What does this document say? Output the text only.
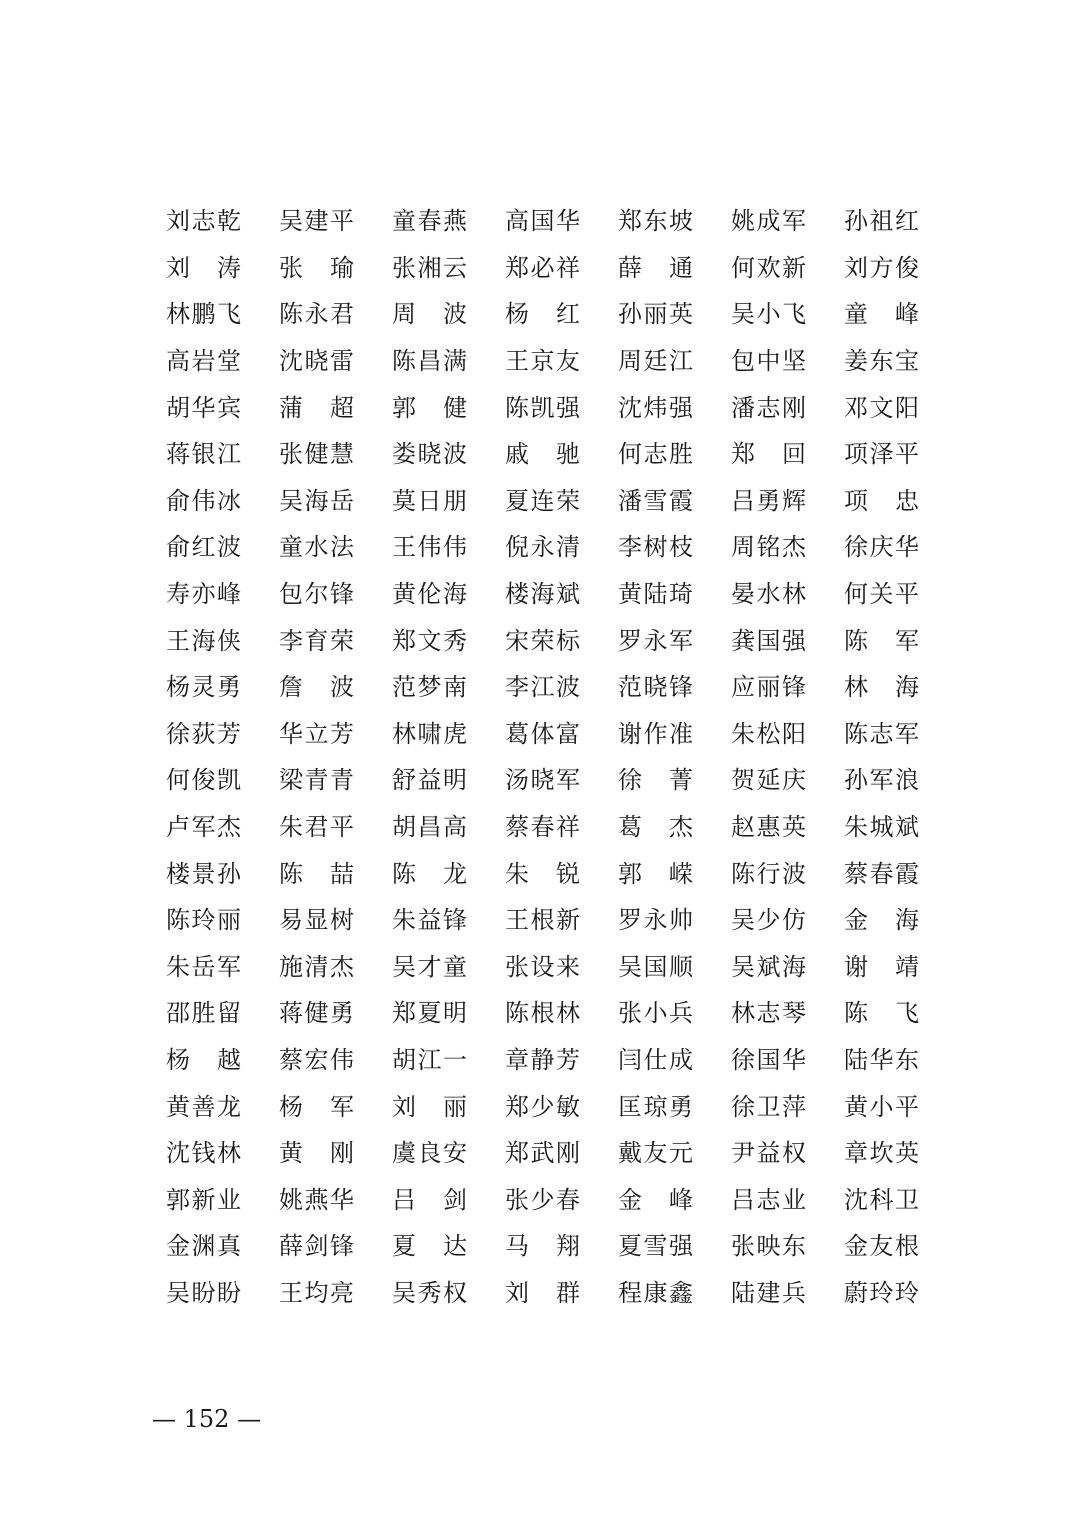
刘 志 乾 吴 建 平 童 春 燕 高 国 华 郑 东 坡 姚 成 军 孙 祖 红
刘 涛 张 瑜 张 湘 云 郑 必 祥 薛 通 何 欢 新 刘 方 俊
林 鹏 飞 陈 永 君 周 波 杨 红 孙 丽 英 吴 小 飞 童 峰
高 岩 堂 沈 晓 雷 陈 昌 满 王 京 友 周 廷 江 包 中 坚 姜 东 宝
胡 华 宾 蒲 超 郭 健 陈 凯 强 沈 炜 强 潘 志 刚 邓 文 阳
蒋 银 江 张 健 慧 娄 晓 波 戚 驰 何 志 胜 郑 回 项 泽 平
俞 伟 冰 吴 海 岳 莫 日 朋 夏 连 荣 潘 雪 霞 吕 勇 辉 项 忠
俞 红 波 童 水 法 王 伟 伟 倪 永 清 李 树 枝 周 铭 杰 徐 庆 华
寿 亦 峰 包 尔 锋 黄 伦 海 楼 海 斌 黄 陆 琦 晏 水 林 何 关 平
王 海 侠 李 育 荣 郑 文 秀 宋 荣 标 罗 永 军 龚 国 强 陈 军
杨 灵 勇 詹 波 范 梦 南 李 江 波 范 晓 锋 应 丽 锋 林 海
徐 荻 芳 华 立 芳 林 啸 虎 葛 体 富 谢 作 准 朱 松 阳 陈 志 军
何 俊 凯 梁 青 青 舒 益 明 汤 晓 军 徐 菁 贺 延 庆 孙 军 浪
卢 军 杰 朱 君 平 胡 昌 高 蔡 春 祥 葛 杰 赵 惠 英 朱 城 斌
楼 景 孙 陈 喆 陈 龙 朱 锐 郭 嵘 陈 行 波 蔡 春 霞
陈 玲 丽 易 显 树 朱 益 锋 王 根 新 罗 永 帅 吴 少 仿 金 海
朱 岳 军 施 清 杰 吴 才 童 张 设 来 吴 国 顺 吴 斌 海 谢 靖
邵 胜 留 蒋 健 勇 郑 夏 明 陈 根 林 张 小 兵 林 志 琴 陈 飞
杨 越 蔡 宏 伟 胡 江 一 章 静 芳 闫 仕 成 徐 国 华 陆 华 东
黄 善 龙 杨 军 刘 丽 郑 少 敏 匡 琼 勇 徐 卫 萍 黄 小 平
沈 钱 林 黄 刚 虞 良 安 郑 武 刚 戴 友 元 尹 益 权 章 坎 英
郭 新 业 姚 燕 华 吕 剑 张 少 春 金 峰 吕 志 业 沈 科 卫
金 渊 真 薛 剑 锋 夏 达 马 翔 夏 雪 强 张 映 东 金 友 根
吴 盼 盼 王 均 亮 吴 秀 权 刘 群 程 康 鑫 陆 建 兵 蔚 玲 玲
— 152 —
